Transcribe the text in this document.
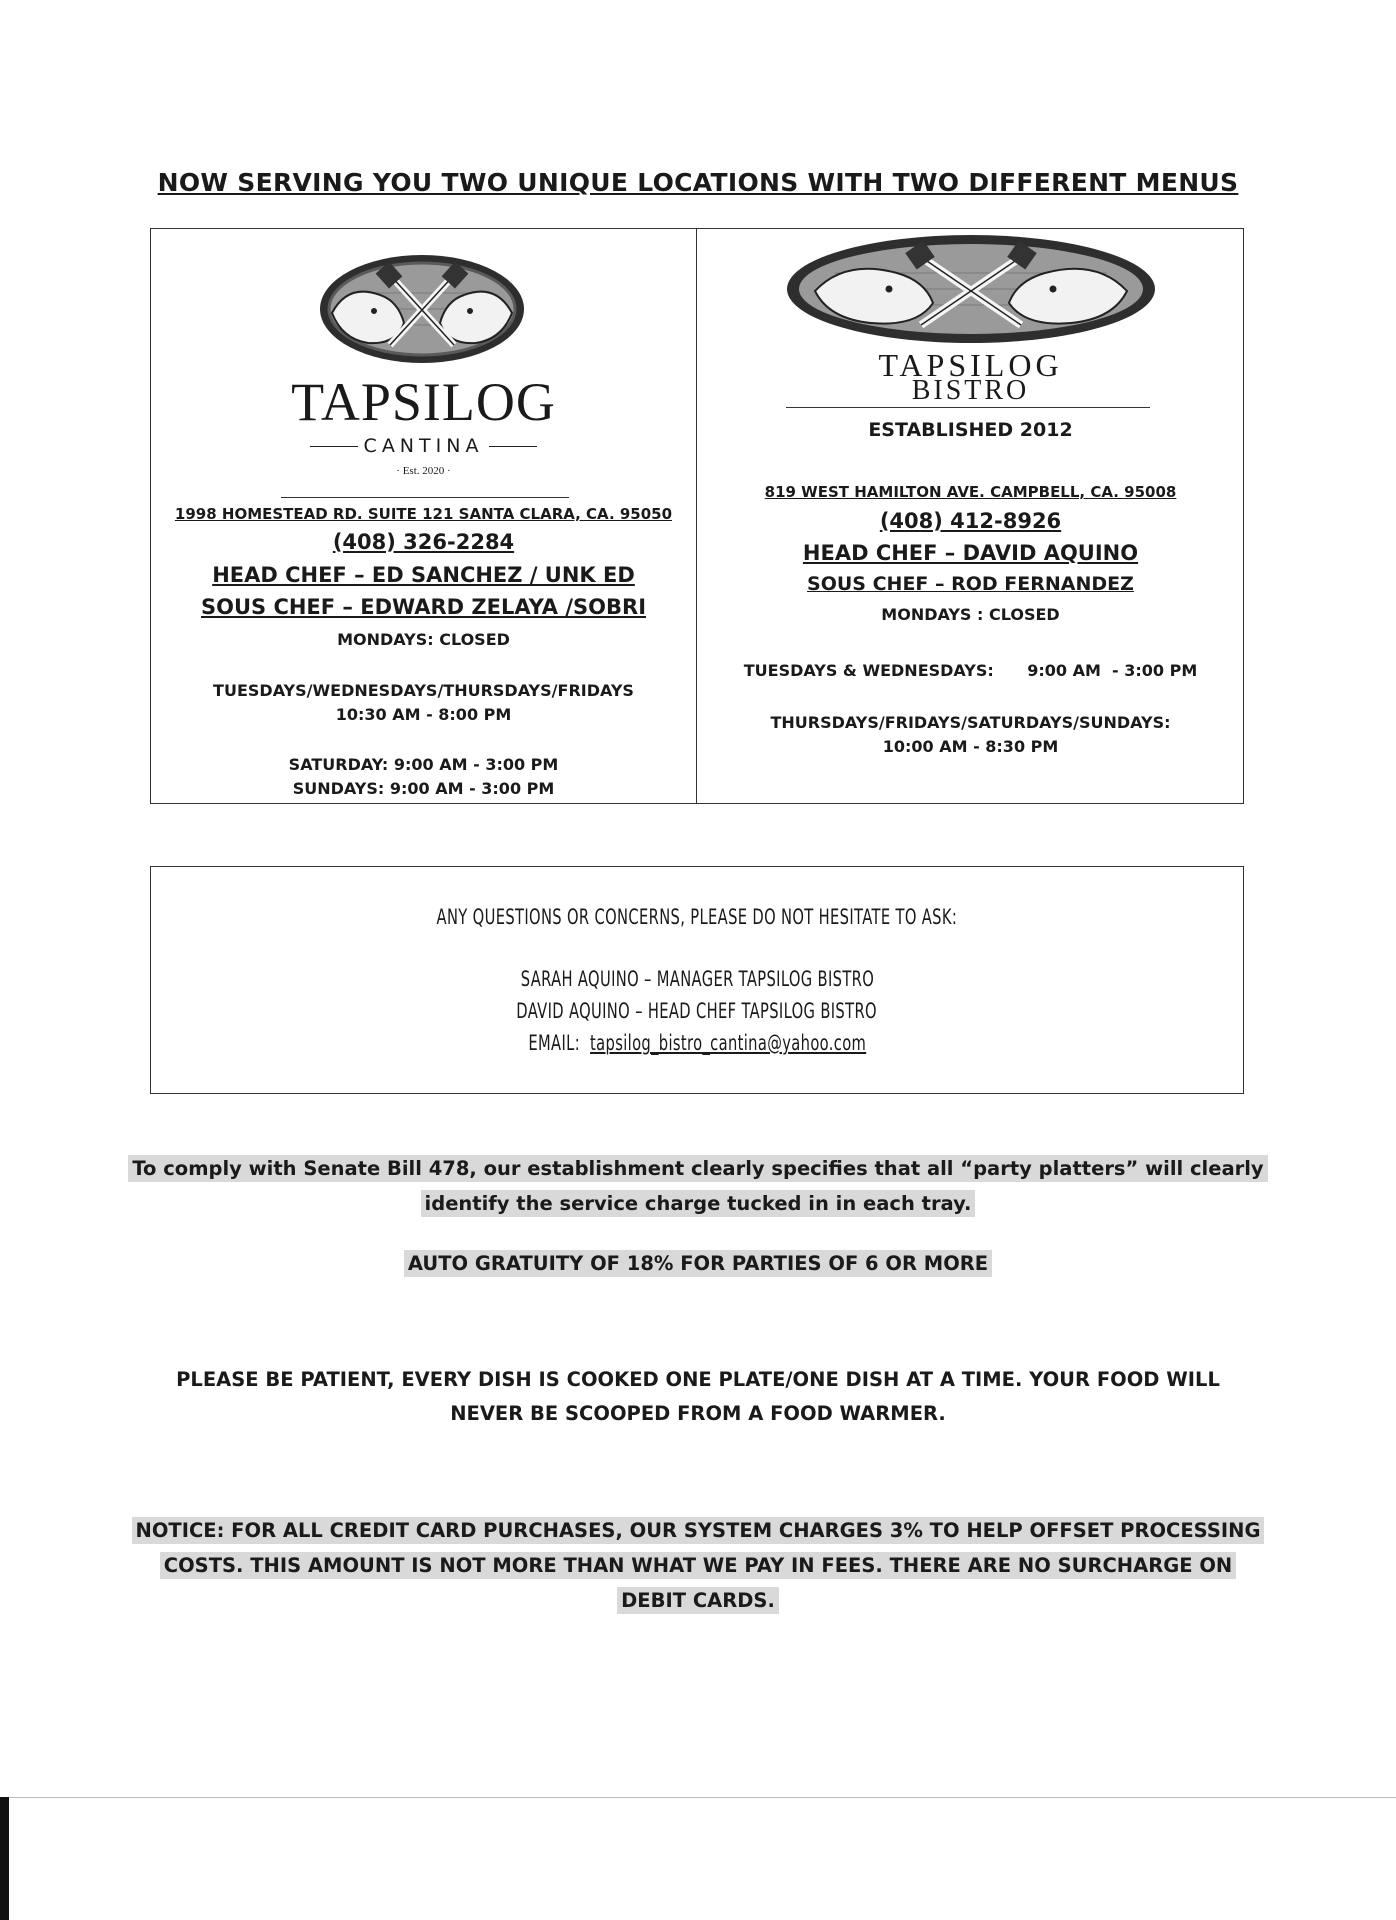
NOW SERVING YOU TWO UNIQUE LOCATIONS WITH TWO DIFFERENT MENUS
TAPSILOG
CANTINA
· Est. 2020 ·
1998 HOMESTEAD RD. SUITE 121 SANTA CLARA, CA. 95050
(408) 326-2284
HEAD CHEF – ED SANCHEZ / UNK ED
SOUS CHEF – EDWARD ZELAYA /SOBRI
MONDAYS: CLOSED
TUESDAYS/WEDNESDAYS/THURSDAYS/FRIDAYS
10:30 AM - 8:00 PM
SATURDAY: 9:00 AM - 3:00 PM
SUNDAYS: 9:00 AM - 3:00 PM
TAPSILOG
BISTRO
ESTABLISHED 2012
819 WEST HAMILTON AVE. CAMPBELL, CA. 95008
(408) 412-8926
HEAD CHEF – DAVID AQUINO
SOUS CHEF – ROD FERNANDEZ
MONDAYS : CLOSED
TUESDAYS & WEDNESDAYS:      9:00 AM  - 3:00 PM
THURSDAYS/FRIDAYS/SATURDAYS/SUNDAYS:
10:00 AM - 8:30 PM
ANY QUESTIONS OR CONCERNS, PLEASE DO NOT HESITATE TO ASK:
SARAH AQUINO – MANAGER TAPSILOG BISTRO
DAVID AQUINO – HEAD CHEF TAPSILOG BISTRO
EMAIL: tapsilog_bistro_cantina@yahoo.com
To comply with Senate Bill 478, our establishment clearly specifies that all “party platters” will clearly
identify the service charge tucked in in each tray.
AUTO GRATUITY OF 18% FOR PARTIES OF 6 OR MORE
PLEASE BE PATIENT, EVERY DISH IS COOKED ONE PLATE/ONE DISH AT A TIME. YOUR FOOD WILL
NEVER BE SCOOPED FROM A FOOD WARMER.
NOTICE: FOR ALL CREDIT CARD PURCHASES, OUR SYSTEM CHARGES 3% TO HELP OFFSET PROCESSING
COSTS. THIS AMOUNT IS NOT MORE THAN WHAT WE PAY IN FEES. THERE ARE NO SURCHARGE ON
DEBIT CARDS.
